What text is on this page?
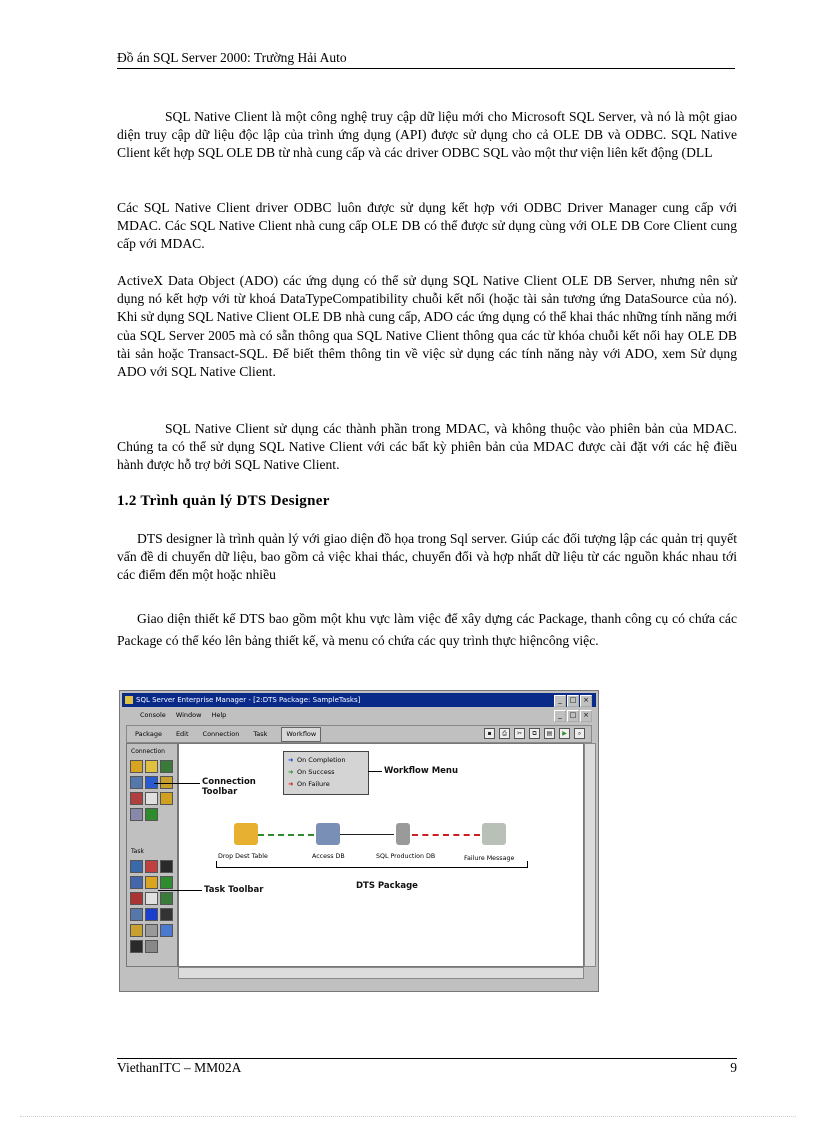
Đồ án SQL Server 2000: Trường Hải Auto

SQL Native Client là một công nghệ truy cập dữ liệu mới cho Microsoft SQL Server, và nó là một giao diện truy cập dữ liệu độc lập của trình ứng dụng (API) được sử dụng cho cả OLE DB và ODBC. SQL Native Client kết hợp SQL OLE DB từ nhà cung cấp và các driver ODBC SQL vào một thư viện liên kết động (DLL

Các SQL Native Client driver ODBC luôn được sử dụng kết hợp với ODBC Driver Manager cung cấp với MDAC. Các SQL Native Client nhà cung cấp OLE DB có thể được sử dụng cùng với OLE DB Core Client cung cấp với MDAC.

ActiveX Data Object (ADO) các ứng dụng có thể sử dụng SQL Native Client OLE DB Server, nhưng nên sử dụng nó kết hợp với từ khoá DataTypeCompatibility chuỗi kết nối (hoặc tài sản tương ứng DataSource của nó). Khi sử dụng SQL Native Client OLE DB nhà cung cấp, ADO các ứng dụng có thể khai thác những tính năng mới của SQL Server 2005 mà có sẵn thông qua SQL Native Client thông qua các từ khóa chuỗi kết nối hay OLE DB tài sản hoặc Transact-SQL. Để biết thêm thông tin về việc sử dụng các tính năng này với ADO, xem Sử dụng ADO với SQL Native Client.

SQL Native Client sử dụng các thành phần trong MDAC, và không thuộc vào phiên bản của MDAC. Chúng ta có thể sử dụng SQL Native Client với các bất kỳ phiên bản của MDAC được cài đặt với các hệ điều hành được hỗ trợ bởi SQL Native Client.

1.2 Trình quản lý DTS Designer

DTS designer là trình quản lý với giao diện đồ họa trong Sql server. Giúp các đối tượng lập các quản trị quyết vấn đề di chuyển dữ liệu, bao gồm cả việc khai thác, chuyển đổi và hợp nhất dữ liệu từ các nguồn khác nhau tới các điểm đến một hoặc nhiều

Giao diện thiết kế DTS bao gồm một khu vực làm việc để xây dựng các Package, thanh công cụ có chứa các Package có thể kéo lên bảng thiết kế, và menu có chứa các quy trình thực hiệncông việc.

SQL Server Enterprise Manager - [2:DTS Package: SampleTasks]	_	□ ×
Console Window Help	_	□ ×
Package Edit Connection Task	Workflow	▪	⎙	✂	⧉	▤	▶	⌕
Connection
Task
➜ On Completion
➜ On Success
➜ On Failure
Connection
Toolbar
Workflow Menu
Task Toolbar	DTS Package
Drop Dest Table	Access DB	SQL Production DB	Failure Message
ViethanITC – MM02A	9
